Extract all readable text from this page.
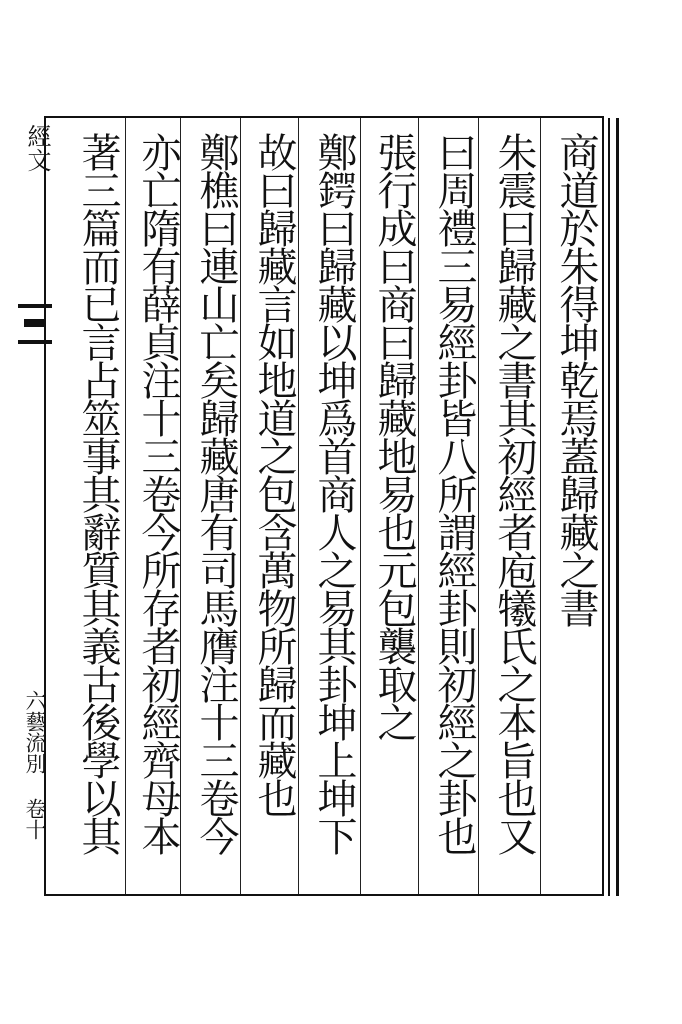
經文
六藝流別 卷十
商道於朱得坤乾焉蓋歸藏之書
朱震曰歸藏之書其初經者庖犧氏之本旨也又
曰周禮三易經卦皆八所謂經卦則初經之卦也
張行成曰商曰歸藏地易也元包襲取之
鄭鍔曰歸藏以坤爲首商人之易其卦坤上坤下
故曰歸藏言如地道之包含萬物所歸而藏也
鄭樵曰連山亡矣歸藏唐有司馬膺注十三卷今
亦亡隋有薛貞注十三卷今所存者初經齊母本
著三篇而已言占筮事其辭質其義古後學以其
